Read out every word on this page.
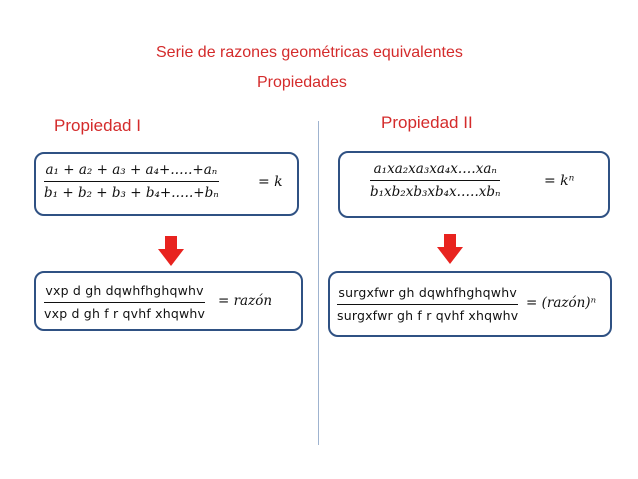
Serie de razones geométricas equivalentes
Propiedades
Propiedad I	Propiedad II
a₁ + a₂ + a₃ + a₄+.….+aₙ
b₁ + b₂ + b₃ + b₄+.….+bₙ
= k
a₁xa₂xa₃xa₄x.…xaₙ
b₁xb₂xb₃xb₄x.….xbₙ
= kⁿ
vxp d gh dqwhfhghqwhv
vxp d gh f r qvhf xhqwhv
= razón
surgxfwr gh dqwhfhghqwhv
surgxfwr gh f r qvhf xhqwhv
= (razón)ⁿ
